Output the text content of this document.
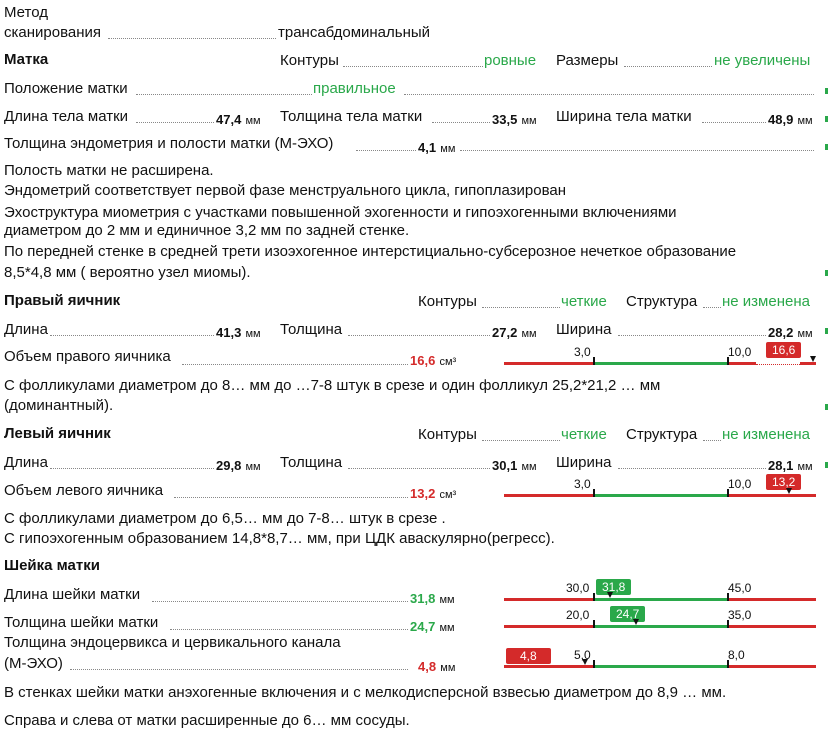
Метод
сканирования	трансабдоминальный
Матка	Контуры	ровные Размеры	не увеличены
Положение матки	правильное
Длина тела матки	47,4 мм Толщина тела матки	33,5 мм Ширина тела матки	48,9 мм
Толщина эндометрия и полости матки (М-ЭХО)	4,1 мм
Полость матки не расширена.
Эндометрий соответствует первой фазе менструального цикла, гипоплазирован
Эхоструктура миометрия с участками повышенной эхогенности и гипоэхогенными включениями
диаметром до 2 мм и единичное 3,2 мм по задней стенке.
По передней стенке в средней трети изоэхогенное интерстициально-субсерозное нечеткое образование
8,5*4,8 мм ( вероятно узел миомы).
Правый яичник	Контуры	четкие Структура не изменена
Длина	41,3 мм Толщина	27,2 мм Ширина	28,2 мм
Объем правого яичника	16,6 см³
3,0	10,0	16,6
С фолликулами диаметром до 8… мм до …7-8 штук в срезе и один фолликул 25,2*21,2 … мм
(доминантный).
Левый яичник	Контуры	четкие Структура не изменена
Длина	29,8 мм Толщина	30,1 мм Ширина	28,1 мм
Объем левого яичника	13,2 см³
3,0	10,0	13,2
С фолликулами диаметром до 6,5… мм до 7-8… штук в срезе .
С гипоэхогенным образованием 14,8*8,7… мм, при ЦДК аваскулярно(регресс).
Шейка матки
Длина шейки матки	31,8 мм
30,0	45,0
31,8
Толщина шейки матки	24,7 мм
20,0	35,0
24,7
Толщина эндоцервикса и цервикального канала
(М-ЭХО)	4,8 мм
5,0	8,0
4,8
В стенках шейки матки анэхогенные включения и с мелкодисперсной взвесью диаметром до 8,9 … мм.
Справа и слева от матки расширенные до 6… мм сосуды.
